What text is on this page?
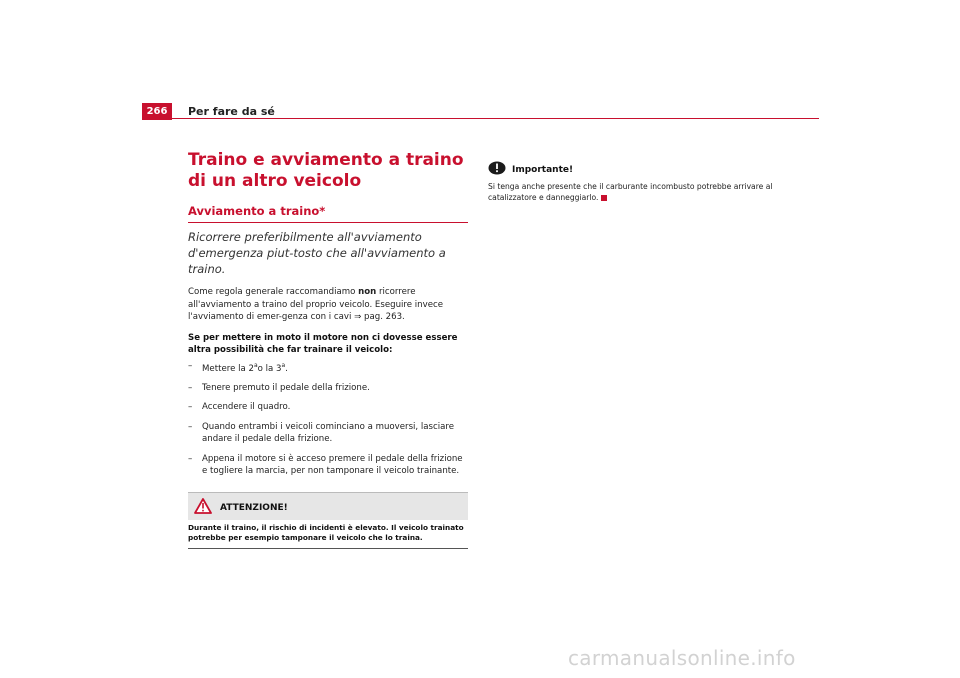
266	Per fare da sé
Traino e avviamento a traino di un altro veicolo
Avviamento a traino*

Ricorrere preferibilmente all'avviamento d'emergenza piut-tosto che all'avviamento a traino.

Come regola generale raccomandiamo non ricorrere all'avviamento a traino del proprio veicolo. Eseguire invece l'avviamento di emer-genza con i cavi ⇒ pag. 263.

Se per mettere in moto il motore non ci dovesse essere altra possibilità che far trainare il veicolo:

– Mettere la 2$^a$o la 3$^a$.
– Tenere premuto il pedale della frizione.
– Accendere il quadro.
– Quando entrambi i veicoli cominciano a muoversi, lasciare andare il pedale della frizione.
– Appena il motore si è acceso premere il pedale della frizione e togliere la marcia, per non tamponare il veicolo trainante.
ATTENZIONE!
Durante il traino, il rischio di incidenti è elevato. Il veicolo trainato potrebbe per esempio tamponare il veicolo che lo traina.
Importante!

Si tenga anche presente che il carburante incombusto potrebbe arrivare al catalizzatore e danneggiarlo.

carmanualsonline.info
